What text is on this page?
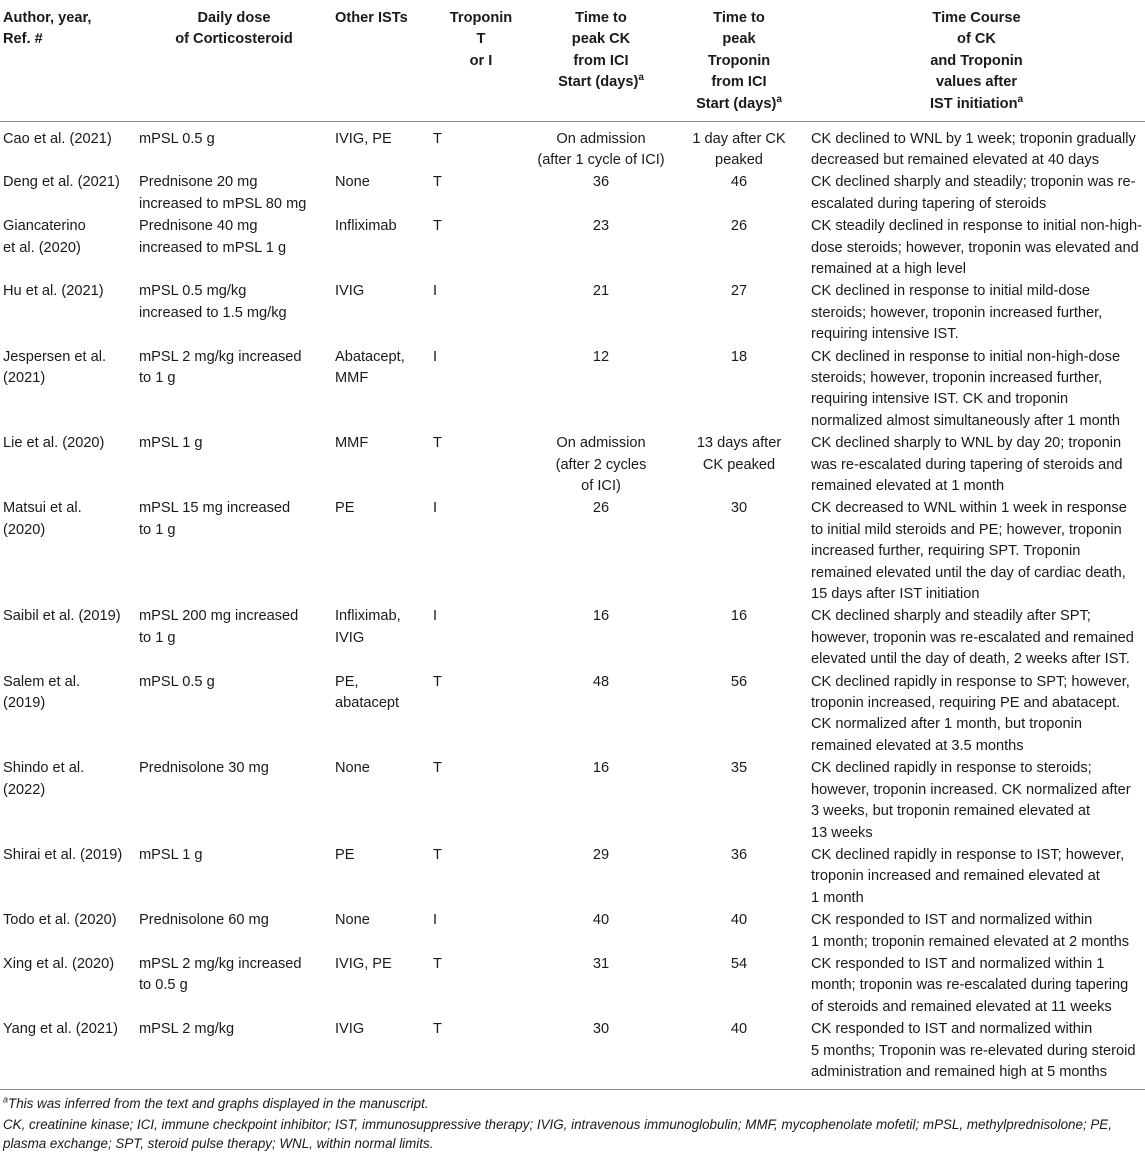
Author, year,
Ref. #	Daily dose
of Corticosteroid	Other ISTs	Troponin
T
or I	Time to
peak CK
from ICI
Start (days)$^a$	Time to
peak
Troponin
from ICI
Start (days)$^a$	Time Course
of CK
and Troponin
values after
IST initiation$^a$
Cao et al. (2021)	mPSL 0.5 g	IVIG, PE	T	On admission
(after 1 cycle of ICI)	1 day after CK
peaked	CK declined to WNL by 1 week; troponin gradually
decreased but remained elevated at 40 days
Deng et al. (2021)	Prednisone 20 mg
increased to mPSL 80 mg	None	T	36	46	CK declined sharply and steadily; troponin was re-
escalated during tapering of steroids
Giancaterino
et al. (2020)	Prednisone 40 mg
increased to mPSL 1 g	Infliximab	T	23	26	CK steadily declined in response to initial non-high-
dose steroids; however, troponin was elevated and
remained at a high level
Hu et al. (2021)	mPSL 0.5 mg/kg
increased to 1.5 mg/kg	IVIG	I	21	27	CK declined in response to initial mild-dose
steroids; however, troponin increased further,
requiring intensive IST.
Jespersen et al.
(2021)	mPSL 2 mg/kg increased
to 1 g	Abatacept,
MMF	I	12	18	CK declined in response to initial non-high-dose
steroids; however, troponin increased further,
requiring intensive IST. CK and troponin
normalized almost simultaneously after 1 month
Lie et al. (2020)	mPSL 1 g	MMF	T	On admission
(after 2 cycles
of ICI)	13 days after
CK peaked	CK declined sharply to WNL by day 20; troponin
was re-escalated during tapering of steroids and
remained elevated at 1 month
Matsui et al.
(2020)	mPSL 15 mg increased
to 1 g	PE	I	26	30	CK decreased to WNL within 1 week in response
to initial mild steroids and PE; however, troponin
increased further, requiring SPT. Troponin
remained elevated until the day of cardiac death,
15 days after IST initiation
Saibil et al. (2019)	mPSL 200 mg increased
to 1 g	Infliximab,
IVIG	I	16	16	CK declined sharply and steadily after SPT;
however, troponin was re-escalated and remained
elevated until the day of death, 2 weeks after IST.
Salem et al.
(2019)	mPSL 0.5 g	PE,
abatacept	T	48	56	CK declined rapidly in response to SPT; however,
troponin increased, requiring PE and abatacept.
CK normalized after 1 month, but troponin
remained elevated at 3.5 months
Shindo et al.
(2022)	Prednisolone 30 mg	None	T	16	35	CK declined rapidly in response to steroids;
however, troponin increased. CK normalized after
3 weeks, but troponin remained elevated at
13 weeks
Shirai et al. (2019)	mPSL 1 g	PE	T	29	36	CK declined rapidly in response to IST; however,
troponin increased and remained elevated at
1 month
Todo et al. (2020)	Prednisolone 60 mg	None	I	40	40	CK responded to IST and normalized within
1 month; troponin remained elevated at 2 months
Xing et al. (2020)	mPSL 2 mg/kg increased
to 0.5 g	IVIG, PE	T	31	54	CK responded to IST and normalized within 1
month; troponin was re-escalated during tapering
of steroids and remained elevated at 11 weeks
Yang et al. (2021)	mPSL 2 mg/kg	IVIG	T	30	40	CK responded to IST and normalized within
5 months; Troponin was re-elevated during steroid
administration and remained high at 5 months
$^a$This was inferred from the text and graphs displayed in the manuscript.
CK, creatinine kinase; ICI, immune checkpoint inhibitor; IST, immunosuppressive therapy; IVIG, intravenous immunoglobulin; MMF, mycophenolate mofetil; mPSL, methylprednisolone; PE, plasma exchange; SPT, steroid pulse therapy; WNL, within normal limits.
